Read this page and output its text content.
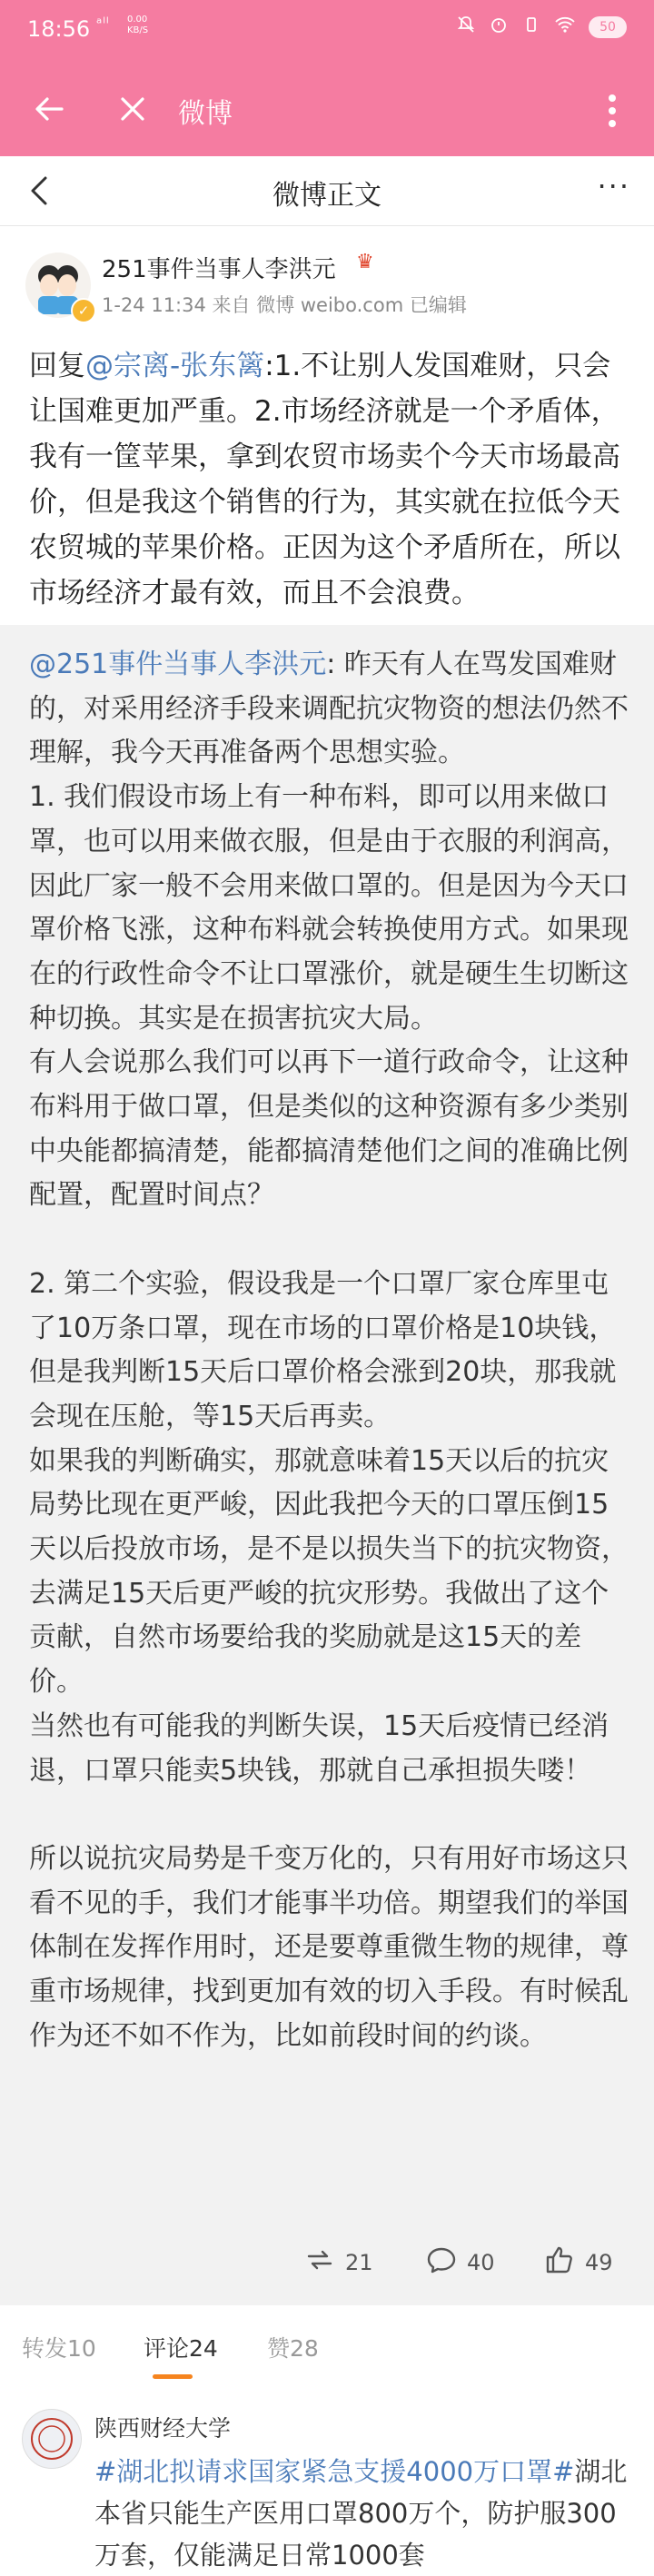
18:56 ᵃˡˡ 0.00
KB/S	50
微博
微博正文	···
✓
251事件当事人李洪元 ♛
1-24 11:34 来自 微博 weibo.com 已编辑
回复@宗离-张东篱:1.不让别人发国难财，只会让国难更加严重。2.市场经济就是一个矛盾体，我有一筐苹果，拿到农贸市场卖个今天市场最高价，但是我这个销售的行为，其实就在拉低今天农贸城的苹果价格。正因为这个矛盾所在，所以市场经济才最有效，而且不会浪费。

@251事件当事人李洪元: 昨天有人在骂发国难财的，对采用经济手段来调配抗灾物资的想法仍然不理解，我今天再准备两个思想实验。

1. 我们假设市场上有一种布料，即可以用来做口罩，也可以用来做衣服，但是由于衣服的利润高，因此厂家一般不会用来做口罩的。但是因为今天口罩价格飞涨，这种布料就会转换使用方式。如果现在的行政性命令不让口罩涨价，就是硬生生切断这种切换。其实是在损害抗灾大局。

有人会说那么我们可以再下一道行政命令，让这种布料用于做口罩，但是类似的这种资源有多少类别中央能都搞清楚，能都搞清楚他们之间的准确比例配置，配置时间点？

2. 第二个实验，假设我是一个口罩厂家仓库里屯了10万条口罩，现在市场的口罩价格是10块钱，但是我判断15天后口罩价格会涨到20块，那我就会现在压舱，等15天后再卖。

如果我的判断确实，那就意味着15天以后的抗灾局势比现在更严峻，因此我把今天的口罩压倒15天以后投放市场，是不是以损失当下的抗灾物资，去满足15天后更严峻的抗灾形势。我做出了这个贡献，自然市场要给我的奖励就是这15天的差价。

当然也有可能我的判断失误，15天后疫情已经消退，口罩只能卖5块钱，那就自己承担损失喽！

所以说抗灾局势是千变万化的，只有用好市场这只看不见的手，我们才能事半功倍。期望我们的举国体制在发挥作用时，还是要尊重微生物的规律，尊重市场规律，找到更加有效的切入手段。有时候乱作为还不如不作为，比如前段时间的约谈。

21	40	49
转发10 评论24 赞28
陕西财经大学
#湖北拟请求国家紧急支援4000万口罩#湖北本省只能生产医用口罩800万个，防护服300万套，仅能满足日常1000套
